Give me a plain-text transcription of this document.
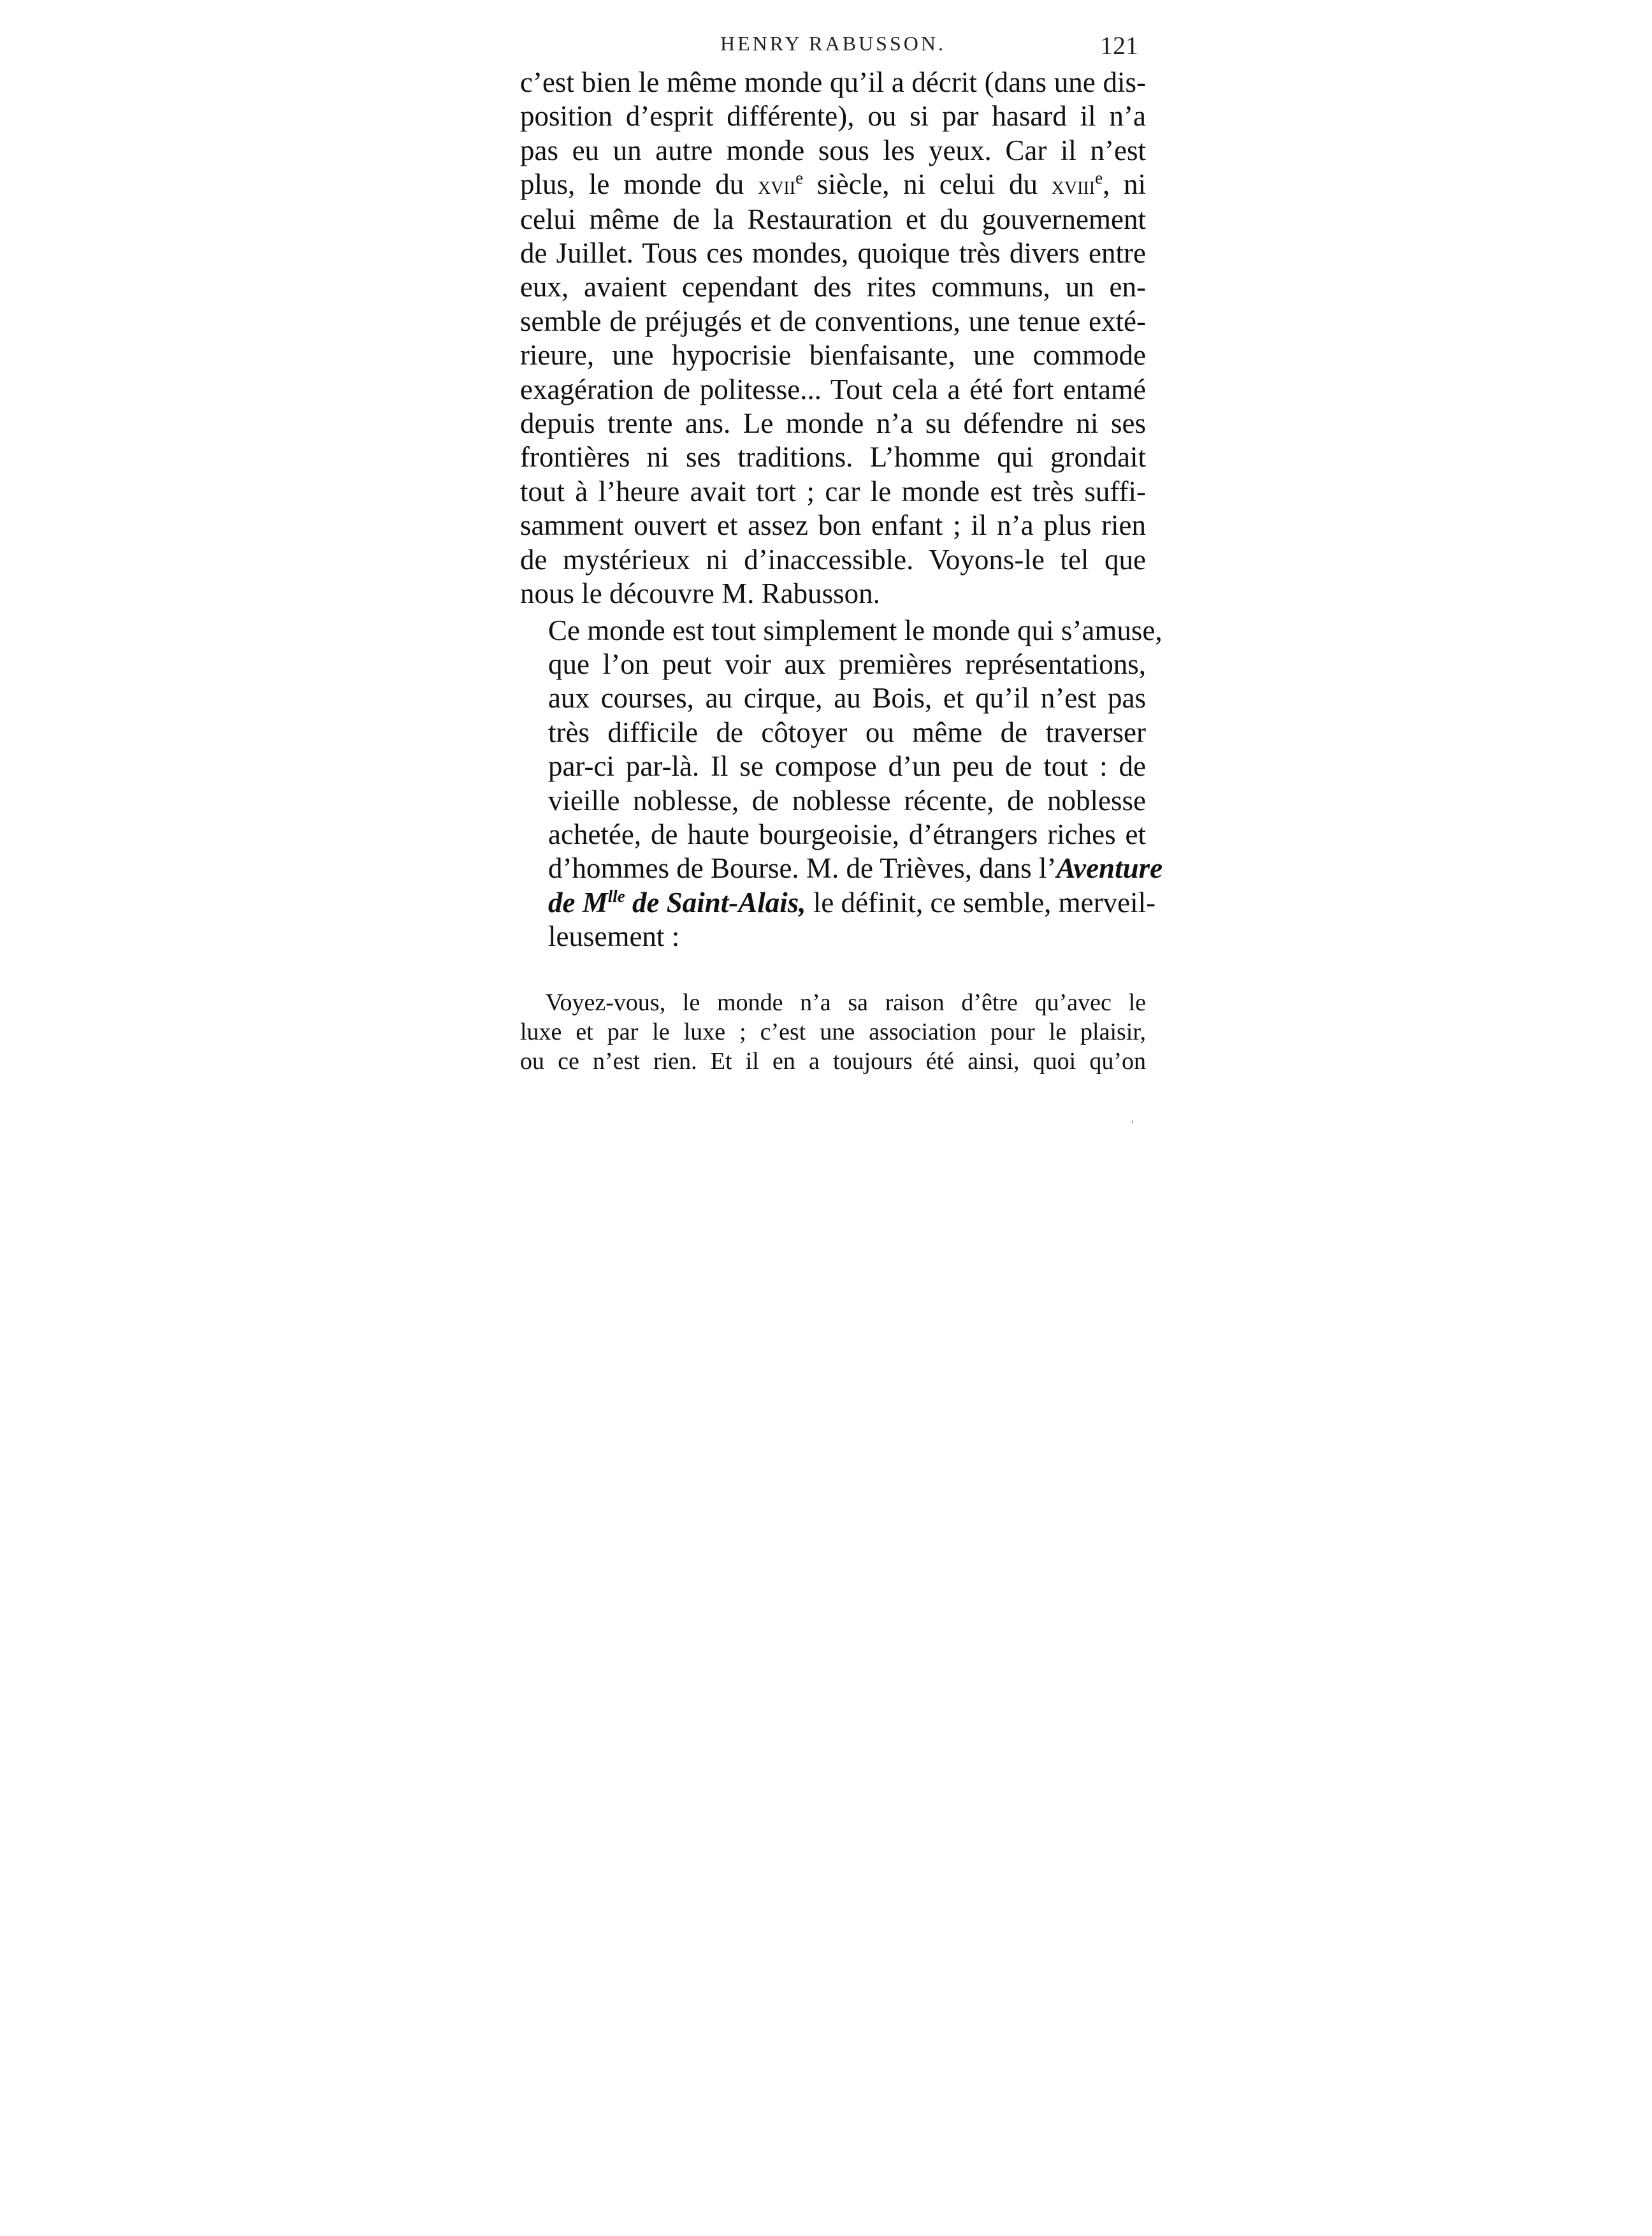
HENRY RABUSSON.	121

c’est bien le même monde qu’il a décrit (dans une dis-
position d’esprit différente), ou si par hasard il n’a
pas eu un autre monde sous les yeux. Car il n’est
plus, le monde du xvii$^e$ siècle, ni celui du xviii$^e$, ni
celui même de la Restauration et du gouvernement
de Juillet. Tous ces mondes, quoique très divers entre
eux, avaient cependant des rites communs, un en-
semble de préjugés et de conventions, une tenue exté-
rieure, une hypocrisie bienfaisante, une commode
exagération de politesse... Tout cela a été fort entamé
depuis trente ans. Le monde n’a su défendre ni ses
frontières ni ses traditions. L’homme qui grondait
tout à l’heure avait tort ; car le monde est très suffi-
samment ouvert et assez bon enfant ; il n’a plus rien
de mystérieux ni d’inaccessible. Voyons-le tel que
nous le découvre M. Rabusson.

Ce monde est tout simplement le monde qui s’amuse,
que l’on peut voir aux premières représentations,
aux courses, au cirque, au Bois, et qu’il n’est pas
très difficile de côtoyer ou même de traverser
par-ci par-là. Il se compose d’un peu de tout : de
vieille noblesse, de noblesse récente, de noblesse
achetée, de haute bourgeoisie, d’étrangers riches et
d’hommes de Bourse. M. de Trièves, dans l’Aventure
de $M^{lle}$ de Saint-Alais, le définit, ce semble, merveil-
leusement :

Voyez-vous, le monde n’a sa raison d’être qu’avec le
luxe et par le luxe ; c’est une association pour le plaisir,
ou ce n’est rien. Et il en a toujours été ainsi, quoi qu’on
